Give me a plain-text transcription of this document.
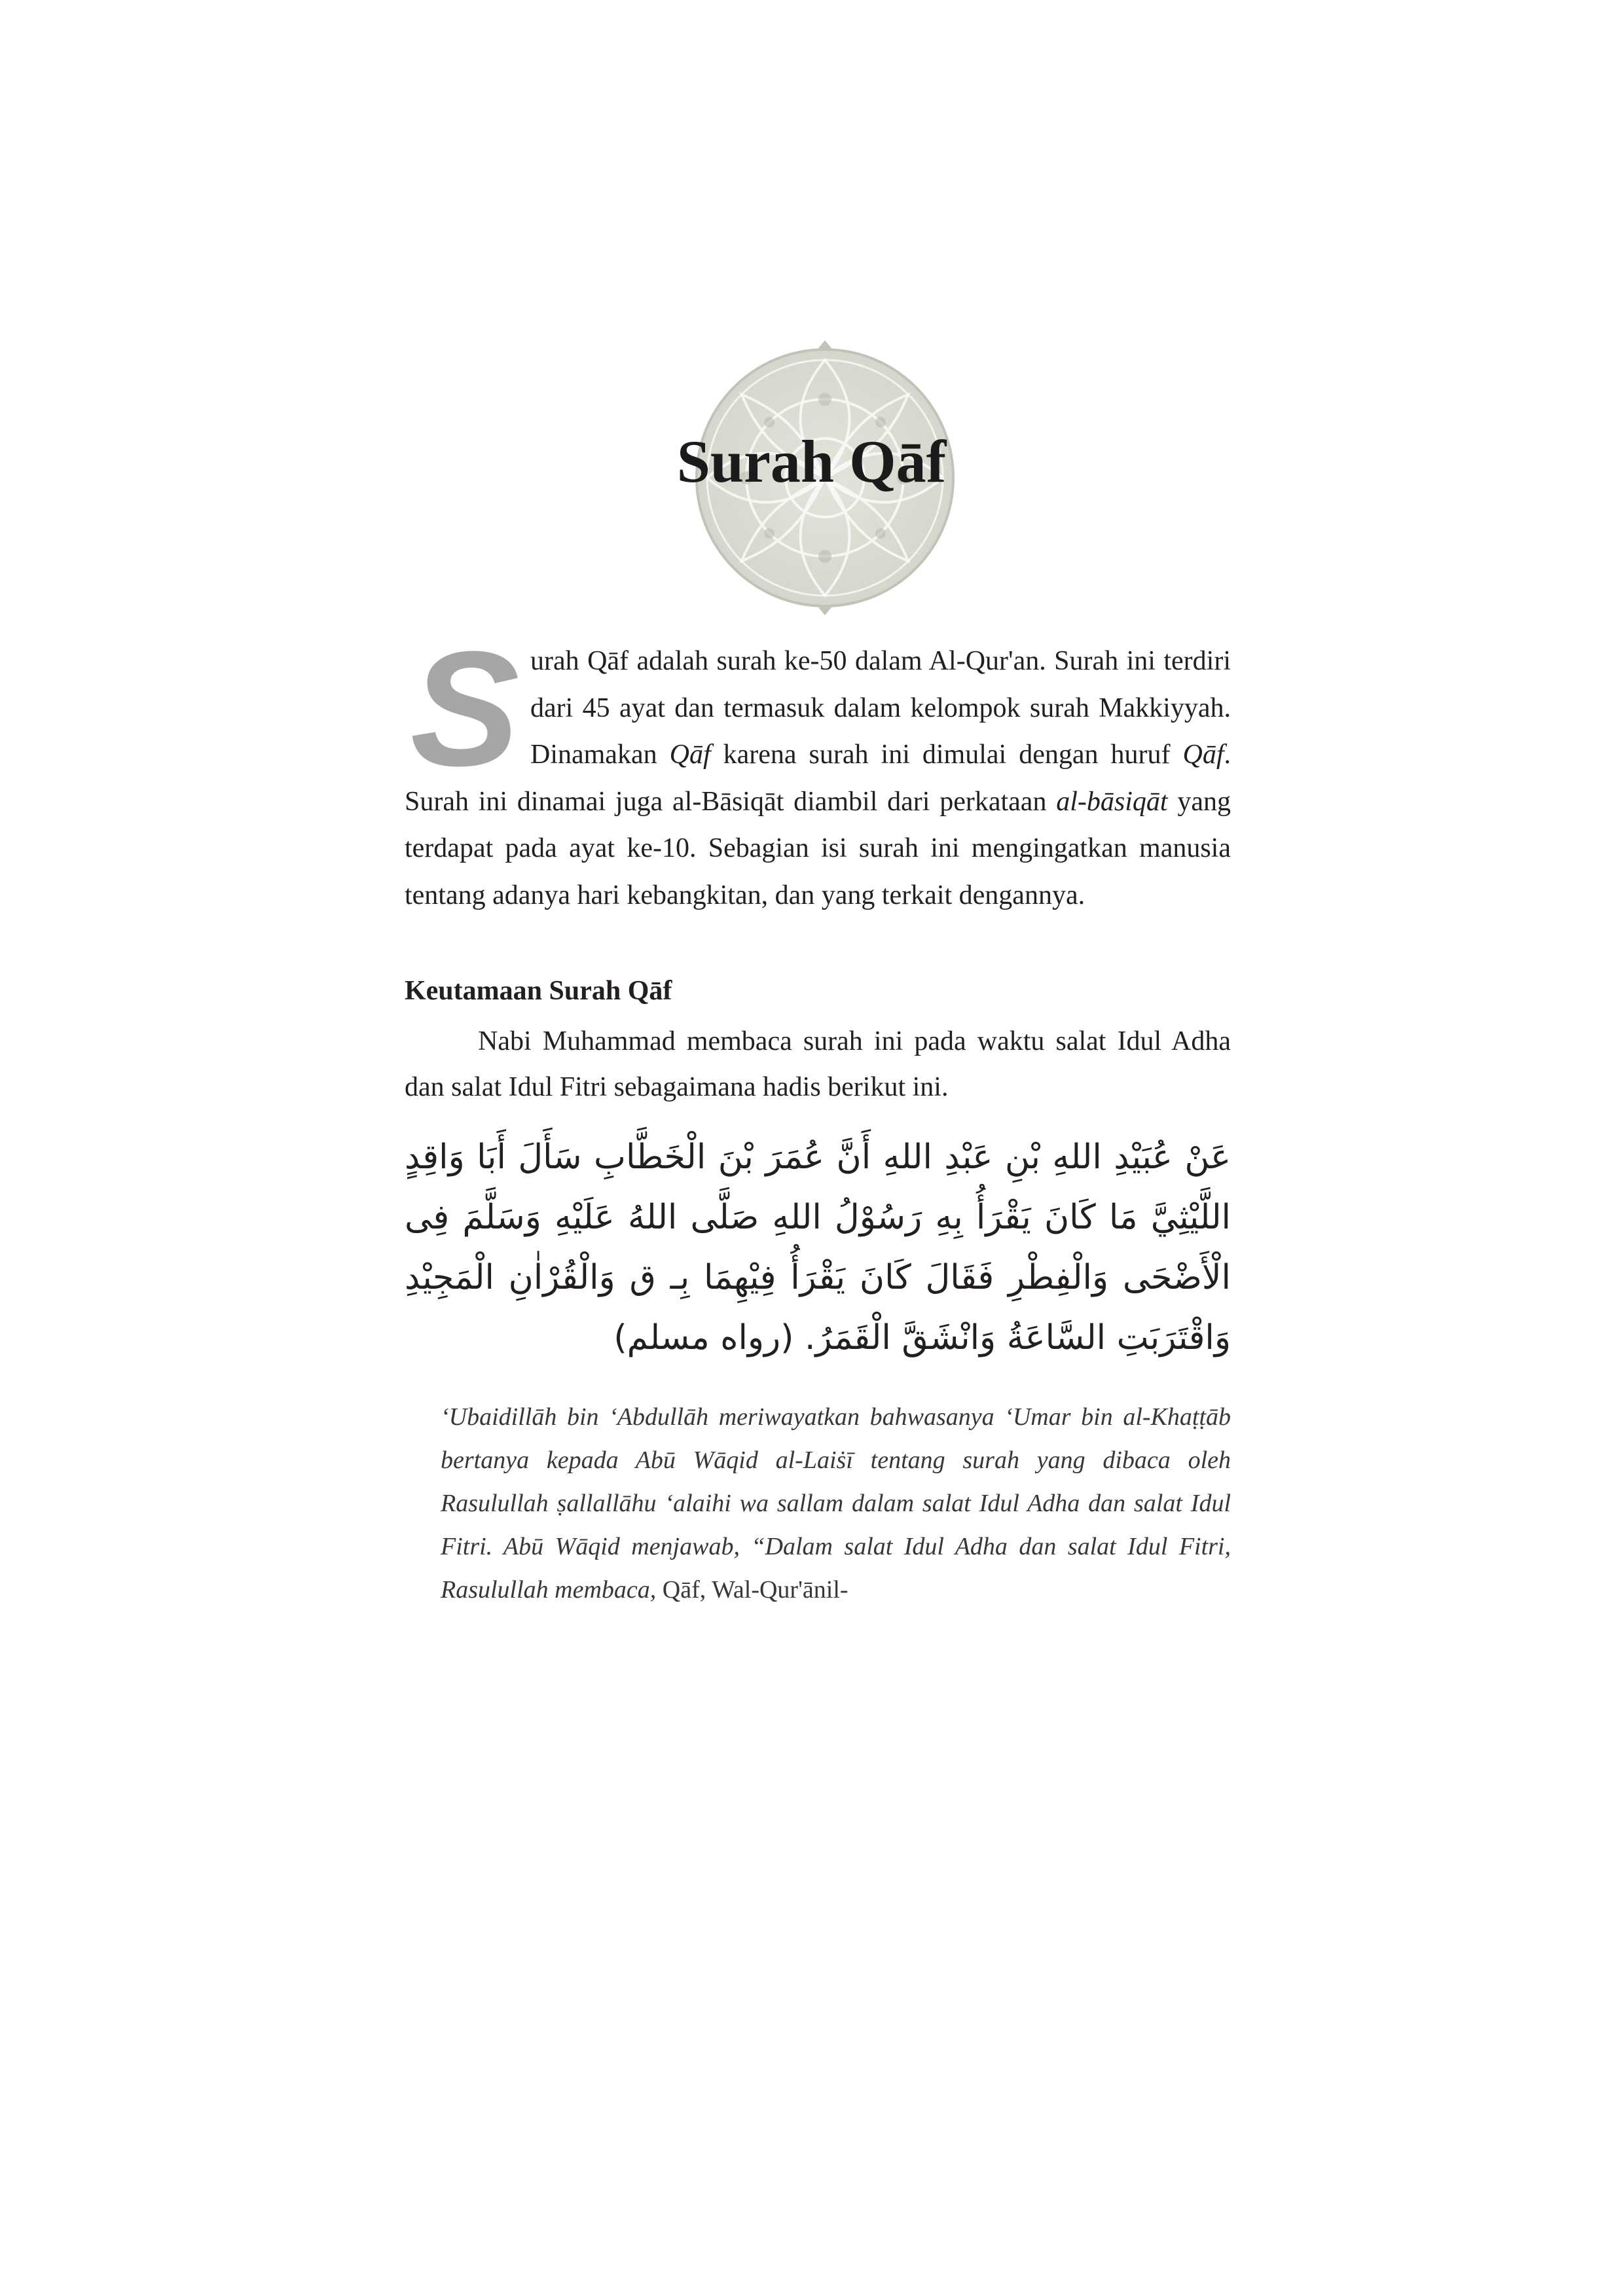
Surah Qāf

S urah Qāf adalah surah ke-50 dalam Al-Qur'an. Surah ini terdiri dari 45 ayat dan termasuk dalam kelompok surah Makkiyyah. Dinamakan Qāf karena surah ini dimulai dengan huruf Qāf. Surah ini dinamai juga al-Bāsiqāt diambil dari perkataan al-bāsiqāt yang terdapat pada ayat ke-10. Sebagian isi surah ini mengingatkan manusia tentang adanya hari kebangkitan, dan yang terkait dengannya.

Keutamaan Surah Qāf

Nabi Muhammad membaca surah ini pada waktu salat Idul Adha dan salat Idul Fitri sebagaimana hadis berikut ini.

عَنْ عُبَيْدِ اللهِ بْنِ عَبْدِ اللهِ أَنَّ عُمَرَ بْنَ الْخَطَّابِ سَأَلَ أَبَا وَاقِدٍ اللَّيْثِيَّ مَا كَانَ يَقْرَأُ بِهِ رَسُوْلُ اللهِ صَلَّى اللهُ عَلَيْهِ وَسَلَّمَ فِى الْأَضْحَى وَالْفِطْرِ فَقَالَ كَانَ يَقْرَأُ فِيْهِمَا بِـ ق وَالْقُرْاٰنِ الْمَجِيْدِ وَاقْتَرَبَتِ السَّاعَةُ وَانْشَقَّ الْقَمَرُ. (رواه مسلم)

‘Ubaidillāh bin ‘Abdullāh meriwayatkan bahwasanya ‘Umar bin al-Khaṭṭāb bertanya kepada Abū Wāqid al-Laiṡī tentang surah yang dibaca oleh Rasulullah ṣallallāhu ‘alaihi wa sallam dalam salat Idul Adha dan salat Idul Fitri. Abū Wāqid menjawab, “Dalam salat Idul Adha dan salat Idul Fitri, Rasulullah membaca, Qāf, Wal-Qur'ānil-
